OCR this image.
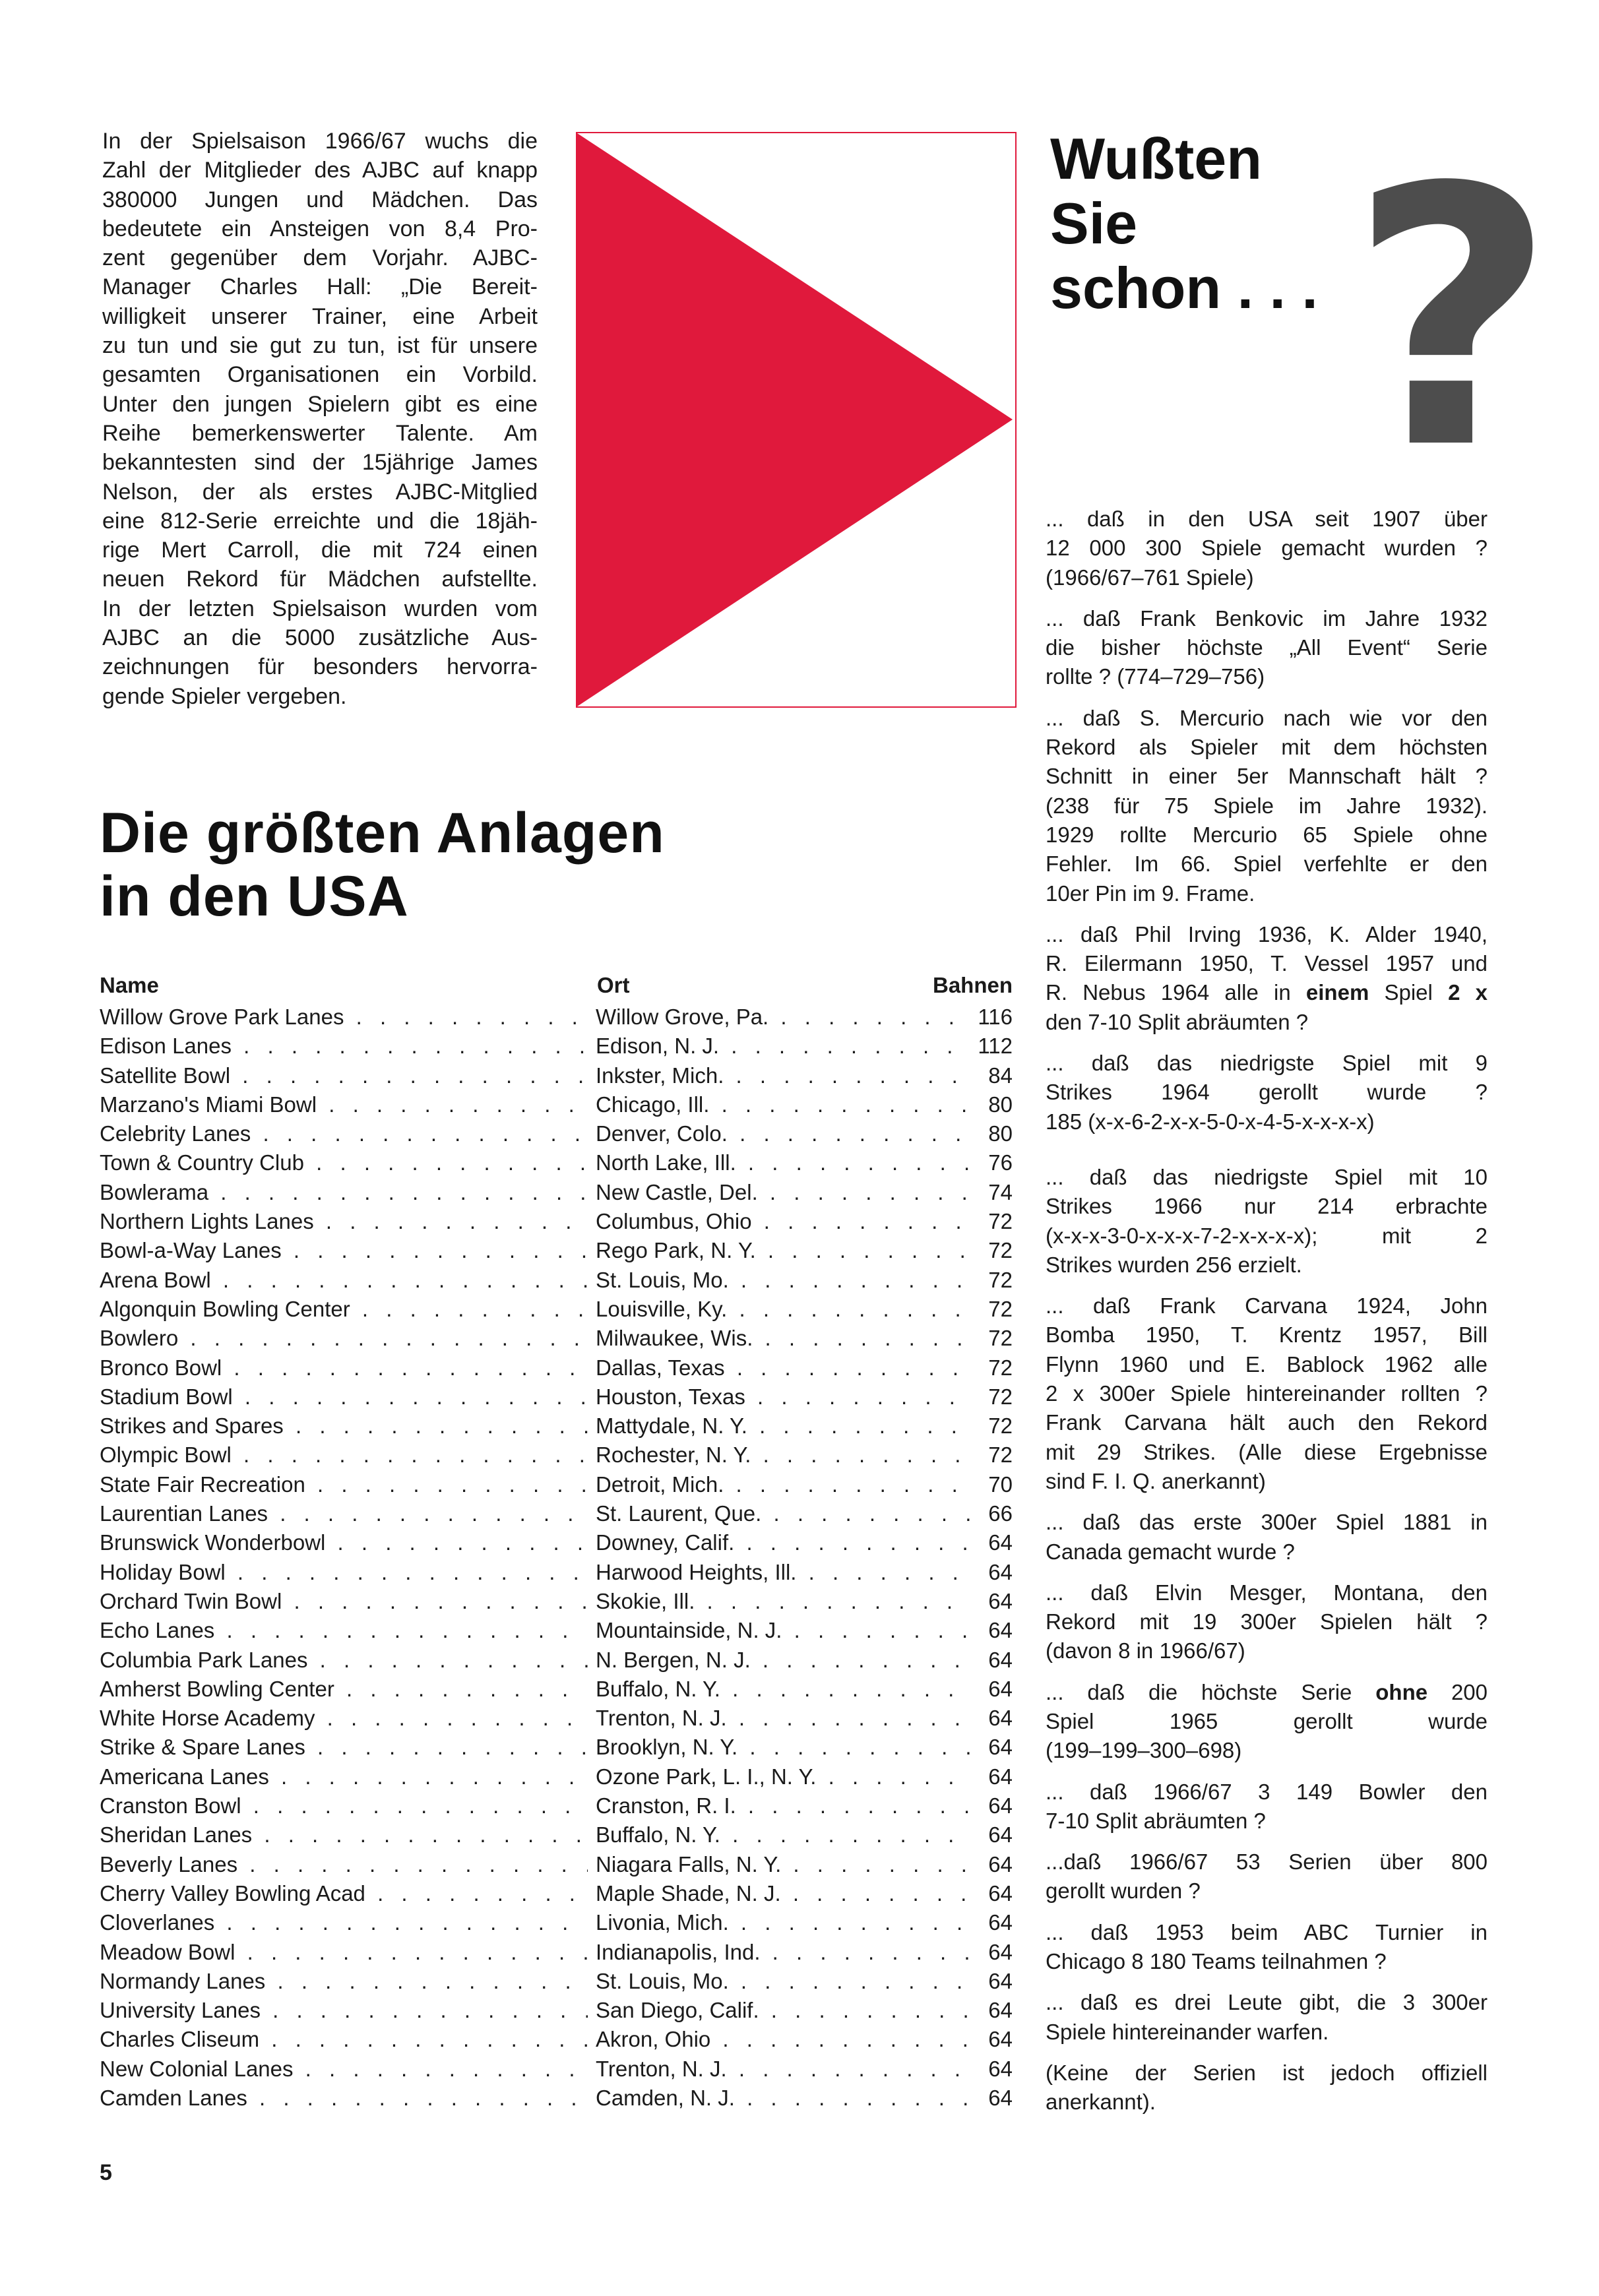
In der Spielsaison 1966/67 wuchs die
Zahl der Mitglieder des AJBC auf knapp
380000 Jungen und Mädchen. Das
bedeutete ein Ansteigen von 8,4 Pro-
zent gegenüber dem Vorjahr. AJBC-
Manager Charles Hall: „Die Bereit-
willigkeit unserer Trainer, eine Arbeit
zu tun und sie gut zu tun, ist für unsere
gesamten Organisationen ein Vorbild.
Unter den jungen Spielern gibt es eine
Reihe bemerkenswerter Talente. Am
bekanntesten sind der 15jährige James
Nelson, der als erstes AJBC-Mitglied
eine 812-Serie erreichte und die 18jäh-
rige Mert Carroll, die mit 724 einen
neuen Rekord für Mädchen aufstellte.
In der letzten Spielsaison wurden vom
AJBC an die 5000 zusätzliche Aus-
zeichnungen für besonders hervorra-
gende Spieler vergeben.
Wußten
Sie
schon . . . ?
... daß in den USA seit 1907 über
12 000 300 Spiele gemacht wurden ?
(1966/67–761 Spiele)
... daß Frank Benkovic im Jahre 1932
die bisher höchste „All Event“ Serie
rollte ? (774–729–756)
... daß S. Mercurio nach wie vor den
Rekord als Spieler mit dem höchsten
Schnitt in einer 5er Mannschaft hält ?
(238 für 75 Spiele im Jahre 1932).
1929 rollte Mercurio 65 Spiele ohne
Fehler. Im 66. Spiel verfehlte er den
10er Pin im 9. Frame.
... daß Phil Irving 1936, K. Alder 1940,
R. Eilermann 1950, T. Vessel 1957 und
R. Nebus 1964 alle in einem Spiel 2 x
den 7-10 Split abräumten ?
... daß das niedrigste Spiel mit 9
Strikes 1964 gerollt wurde ?
185 (x-x-6-2-x-x-5-0-x-4-5-x-x-x-x)
... daß das niedrigste Spiel mit 10
Strikes 1966 nur 214 erbrachte
(x-x-x-3-0-x-x-x-7-2-x-x-x-x); mit 2
Strikes wurden 256 erzielt.
... daß Frank Carvana 1924, John
Bomba 1950, T. Krentz 1957, Bill
Flynn 1960 und E. Bablock 1962 alle
2 x 300er Spiele hintereinander rollten ?
Frank Carvana hält auch den Rekord
mit 29 Strikes. (Alle diese Ergebnisse
sind F. I. Q. anerkannt)
... daß das erste 300er Spiel 1881 in
Canada gemacht wurde ?
... daß Elvin Mesger, Montana, den
Rekord mit 19 300er Spielen hält ?
(davon 8 in 1966/67)
... daß die höchste Serie ohne 200
Spiel 1965 gerollt wurde
(199–199–300–698)
... daß 1966/67 3 149 Bowler den
7-10 Split abräumten ?
...daß 1966/67 53 Serien über 800
gerollt wurden ?
... daß 1953 beim ABC Turnier in
Chicago 8 180 Teams teilnahmen ?
... daß es drei Leute gibt, die 3 300er
Spiele hintereinander warfen.
(Keine der Serien ist jedoch offiziell
anerkannt).
Die größten Anlagen
in den USA
Name	Ort	Bahnen
Willow Grove Park Lanes . . .	Willow Grove, Pa. . . .	116
Edison Lanes . . .	Edison, N. J. . . .	112
Satellite Bowl . . .	Inkster, Mich. . . .	84
Marzano's Miami Bowl . . .	Chicago, Ill. . . .	80
Celebrity Lanes . . .	Denver, Colo. . . .	80
Town & Country Club . . .	North Lake, Ill. . . .	76
Bowlerama . . .	New Castle, Del. . . .	74
Northern Lights Lanes . . .	Columbus, Ohio . . .	72
Bowl-a-Way Lanes . . .	Rego Park, N. Y. . . .	72
Arena Bowl . . .	St. Louis, Mo. . . .	72
Algonquin Bowling Center . . .	Louisville, Ky. . . .	72
Bowlero . . .	Milwaukee, Wis. . . .	72
Bronco Bowl . . .	Dallas, Texas . . .	72
Stadium Bowl . . .	Houston, Texas . . .	72
Strikes and Spares . . .	Mattydale, N. Y. . . .	72
Olympic Bowl . . .	Rochester, N. Y. . . .	72
State Fair Recreation . . .	Detroit, Mich. . . .	70
Laurentian Lanes . . .	St. Laurent, Que. . . .	66
Brunswick Wonderbowl . . .	Downey, Calif. . . .	64
Holiday Bowl . . .	Harwood Heights, Ill. . . .	64
Orchard Twin Bowl . . .	Skokie, Ill. . . .	64
Echo Lanes . . .	Mountainside, N. J. . . .	64
Columbia Park Lanes . . .	N. Bergen, N. J. . . .	64
Amherst Bowling Center . . .	Buffalo, N. Y. . . .	64
White Horse Academy . . .	Trenton, N. J. . . .	64
Strike & Spare Lanes . . .	Brooklyn, N. Y. . . .	64
Americana Lanes . . .	Ozone Park, L. I., N. Y. . . .	64
Cranston Bowl . . .	Cranston, R. I. . . .	64
Sheridan Lanes . . .	Buffalo, N. Y. . . .	64
Beverly Lanes . . .	Niagara Falls, N. Y. . . .	64
Cherry Valley Bowling Acad . . .	Maple Shade, N. J. . . .	64
Cloverlanes . . .	Livonia, Mich. . . .	64
Meadow Bowl . . .	Indianapolis, Ind. . . .	64
Normandy Lanes . . .	St. Louis, Mo. . . .	64
University Lanes . . .	San Diego, Calif. . . .	64
Charles Cliseum . . .	Akron, Ohio . . .	64
New Colonial Lanes . . .	Trenton, N. J. . . .	64
Camden Lanes . . .	Camden, N. J. . . .	64
5
